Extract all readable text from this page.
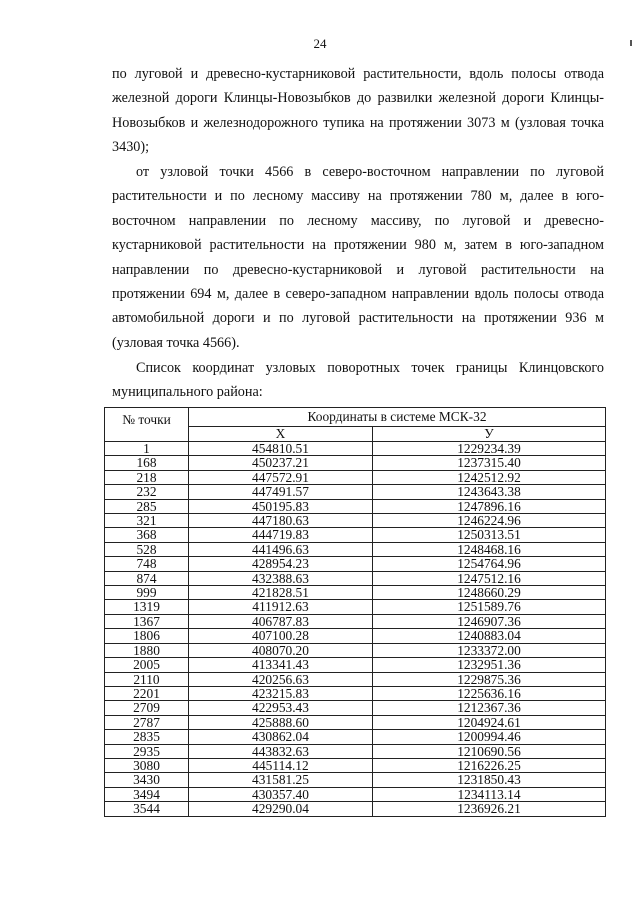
24
по луговой и древесно-кустарниковой растительности, вдоль полосы отвода железной дороги Клинцы-Новозыбков до развилки железной дороги Клинцы-Новозыбков и железнодорожного тупика на протяжении 3073 м (узловая точка 3430);
от узловой точки 4566 в северо-восточном направлении по луговой растительности и по лесному массиву на протяжении 780 м, далее в юго-восточном направлении по лесному массиву, по луговой и древесно-кустарниковой растительности на протяжении 980 м, затем в юго-западном направлении по древесно-кустарниковой и луговой растительности на протяжении 694 м, далее в северо-западном направлении вдоль полосы отвода автомобильной дороги и по луговой растительности на протяжении 936 м (узловая точка 4566).
Список координат узловых поворотных точек границы Клинцовского муниципального района:
№ точки	Координаты в системе МСК-32	
	X	У
1	454810.51	1229234.39
168	450237.21	1237315.40
218	447572.91	1242512.92
232	447491.57	1243643.38
285	450195.83	1247896.16
321	447180.63	1246224.96
368	444719.83	1250313.51
528	441496.63	1248468.16
748	428954.23	1254764.96
874	432388.63	1247512.16
999	421828.51	1248660.29
1319	411912.63	1251589.76
1367	406787.83	1246907.36
1806	407100.28	1240883.04
1880	408070.20	1233372.00
2005	413341.43	1232951.36
2110	420256.63	1229875.36
2201	423215.83	1225636.16
2709	422953.43	1212367.36
2787	425888.60	1204924.61
2835	430862.04	1200994.46
2935	443832.63	1210690.56
3080	445114.12	1216226.25
3430	431581.25	1231850.43
3494	430357.40	1234113.14
3544	429290.04	1236926.21
